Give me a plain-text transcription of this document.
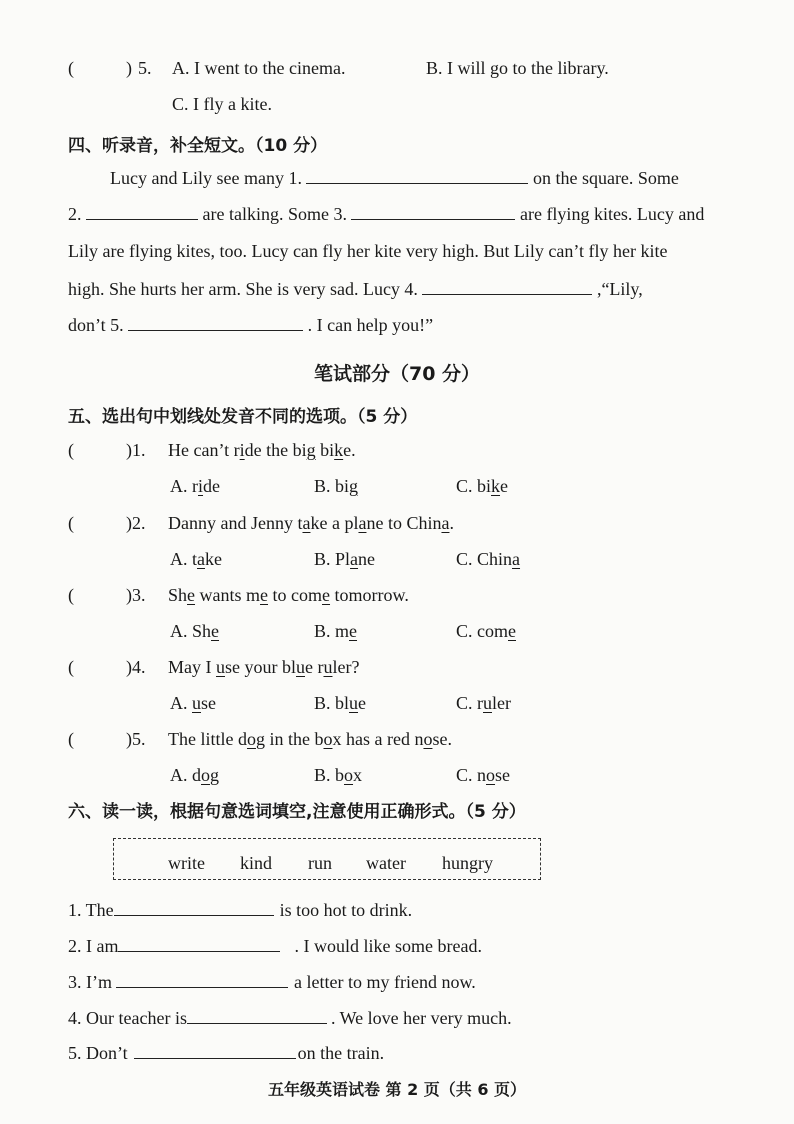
(	) 5. A. I went to the cinema.	B. I will go to the library.
C. I fly a kite.
四、听录音，补全短文。（10 分）
Lucy and Lily see many 1.	on the square. Some
2.	are talking. Some 3.	are flying kites. Lucy and
Lily are flying kites, too. Lucy can fly her kite very high. But Lily can’t fly her kite
high. She hurts her arm. She is very sad. Lucy 4.	,“Lily,
don’t 5.	. I can help you!”
笔试部分（70 分）
五、选出句中划线处发音不同的选项。（5 分）
(	)1. He can’t ride the big bike.
A. ride	B. big	C. bike
(	)2. Danny and Jenny take a plane to China.
A. take	B. Plane	C. China
(	)3. She wants me to come tomorrow.
A. She	B. me	C. come
(	)4. May I use your blue ruler?
A. use	B. blue	C. ruler
(	)5. The little dog in the box has a red nose.
A. dog	B. box	C. nose
六、读一读，根据句意选词填空,注意使用正确形式。（5 分）
write kind run water hungry
1. The	is too hot to drink.
2. I am	. I would like some bread.
3. I’m	a letter to my friend now.
4. Our teacher is	. We love her very much.
5. Don’t	on the train.
五年级英语试卷 第 2 页（共 6 页）
